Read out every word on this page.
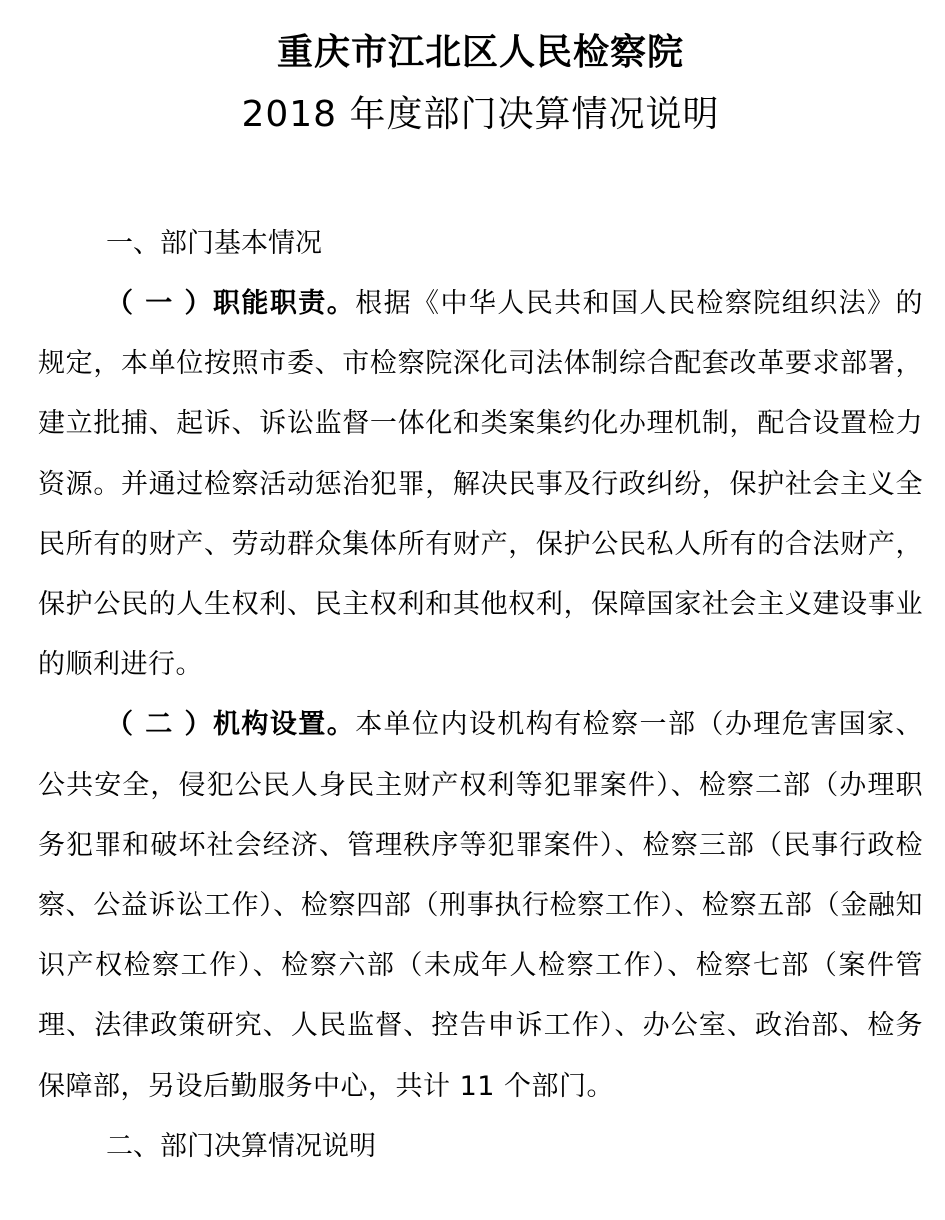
重庆市江北区人民检察院
2018 年度部门决算情况说明

一、部门基本情况

（ 一 ）职能职责。根据《中华人民共和国人民检察院组织法》的规定，本单位按照市委、市检察院深化司法体制综合配套改革要求部署，建立批捕、起诉、诉讼监督一体化和类案集约化办理机制，配合设置检力资源。并通过检察活动惩治犯罪，解决民事及行政纠纷，保护社会主义全民所有的财产、劳动群众集体所有财产，保护公民私人所有的合法财产，保护公民的人生权利、民主权利和其他权利，保障国家社会主义建设事业的顺利进行。

（ 二 ）机构设置。本单位内设机构有检察一部（办理危害国家、公共安全，侵犯公民人身民主财产权利等犯罪案件）、检察二部（办理职务犯罪和破坏社会经济、管理秩序等犯罪案件）、检察三部（民事行政检察、公益诉讼工作）、检察四部（刑事执行检察工作）、检察五部（金融知识产权检察工作）、检察六部（未成年人检察工作）、检察七部（案件管理、法律政策研究、人民监督、控告申诉工作）、办公室、政治部、检务保障部，另设后勤服务中心，共计 11 个部门。

二、部门决算情况说明
